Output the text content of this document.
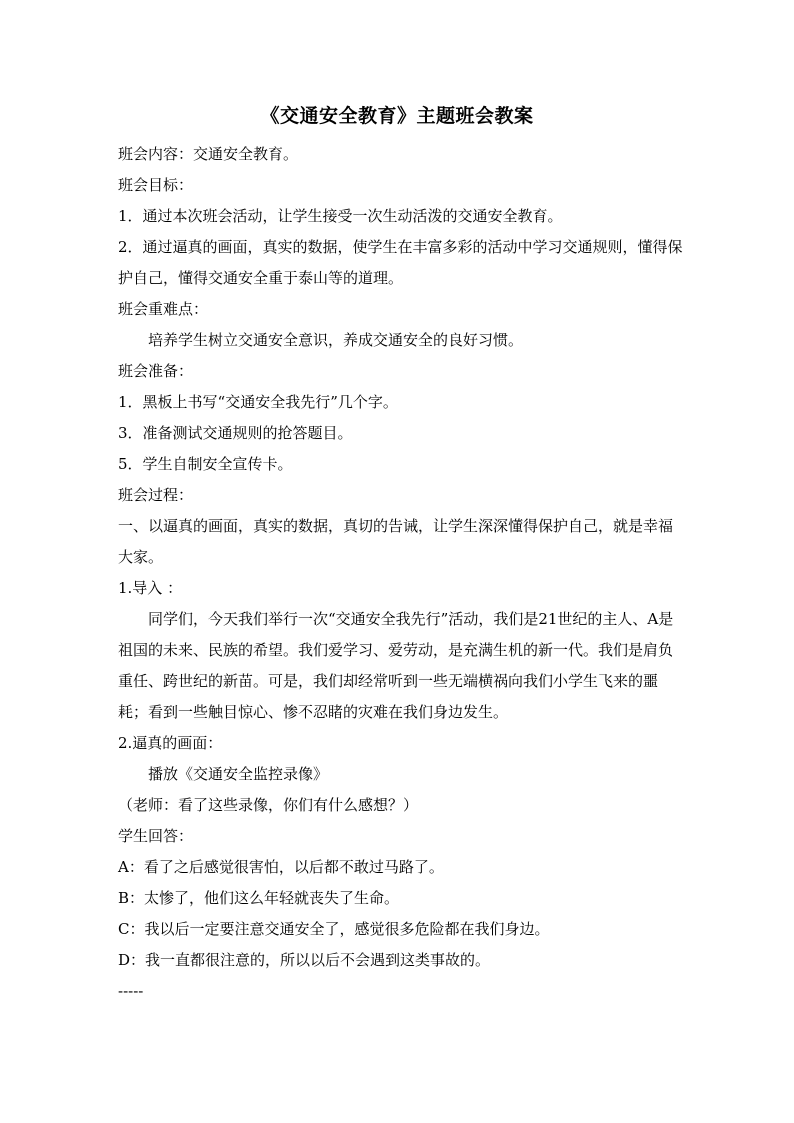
《交通安全教育》主题班会教案

班会内容：交通安全教育。

班会目标：

1．通过本次班会活动，让学生接受一次生动活泼的交通安全教育。

2．通过逼真的画面，真实的数据，使学生在丰富多彩的活动中学习交通规则，懂得保护自己，懂得交通安全重于泰山等的道理。

班会重难点：

培养学生树立交通安全意识，养成交通安全的良好习惯。

班会准备：

1．黑板上书写“交通安全我先行”几个字。

3．准备测试交通规则的抢答题目。

5．学生自制安全宣传卡。

班会过程：

一、以逼真的画面，真实的数据，真切的告诫，让学生深深懂得保护自己，就是幸福大家。

1.导入 ：

同学们，今天我们举行一次“交通安全我先行”活动，我们是21世纪的主人、A是祖国的未来、民族的希望。我们爱学习、爱劳动，是充满生机的新一代。我们是肩负重任、跨世纪的新苗。可是，我们却经常听到一些无端横祸向我们小学生飞来的噩耗；看到一些触目惊心、惨不忍睹的灾难在我们身边发生。

2.逼真的画面：

播放《交通安全监控录像》

（老师：看了这些录像，你们有什么感想？）

学生回答：

A：看了之后感觉很害怕，以后都不敢过马路了。

B：太惨了，他们这么年轻就丧失了生命。

C：我以后一定要注意交通安全了，感觉很多危险都在我们身边。

D：我一直都很注意的，所以以后不会遇到这类事故的。

-----
